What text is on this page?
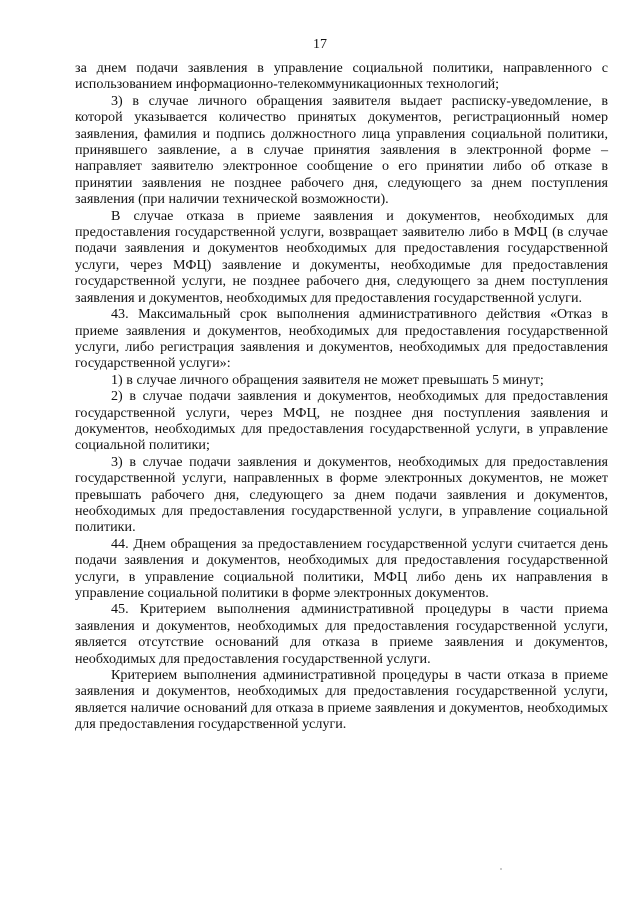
17

за днем подачи заявления в управление социальной политики, направленного с использованием информационно-телекоммуникационных технологий;

3) в случае личного обращения заявителя выдает расписку-уведомление, в которой указывается количество принятых документов, регистрационный номер заявления, фамилия и подпись должностного лица управления социальной политики, принявшего заявление, а в случае принятия заявления в электронной форме – направляет заявителю электронное сообщение о его принятии либо об отказе в принятии заявления не позднее рабочего дня, следующего за днем поступления заявления (при наличии технической возможности).

В случае отказа в приеме заявления и документов, необходимых для предоставления государственной услуги, возвращает заявителю либо в МФЦ (в случае подачи заявления и документов необходимых для предоставления государственной услуги, через МФЦ) заявление и документы, необходимые для предоставления государственной услуги, не позднее рабочего дня, следующего за днем поступления заявления и документов, необходимых для предоставления государственной услуги.

43. Максимальный срок выполнения административного действия «Отказ в приеме заявления и документов, необходимых для предоставления государственной услуги, либо регистрация заявления и документов, необходимых для предоставления государственной услуги»:

1) в случае личного обращения заявителя не может превышать 5 минут;

2) в случае подачи заявления и документов, необходимых для предоставления государственной услуги, через МФЦ, не позднее дня поступления заявления и документов, необходимых для предоставления государственной услуги, в управление социальной политики;

3) в случае подачи заявления и документов, необходимых для предоставления государственной услуги, направленных в форме электронных документов, не может превышать рабочего дня, следующего за днем подачи заявления и документов, необходимых для предоставления государственной услуги, в управление социальной политики.

44. Днем обращения за предоставлением государственной услуги считается день подачи заявления и документов, необходимых для предоставления государственной услуги, в управление социальной политики, МФЦ либо день их направления в управление социальной политики в форме электронных документов.

45. Критерием выполнения административной процедуры в части приема заявления и документов, необходимых для предоставления государственной услуги, является отсутствие оснований для отказа в приеме заявления и документов, необходимых для предоставления государственной услуги.

Критерием выполнения административной процедуры в части отказа в приеме заявления и документов, необходимых для предоставления государственной услуги, является наличие оснований для отказа в приеме заявления и документов, необходимых для предоставления государственной услуги.
